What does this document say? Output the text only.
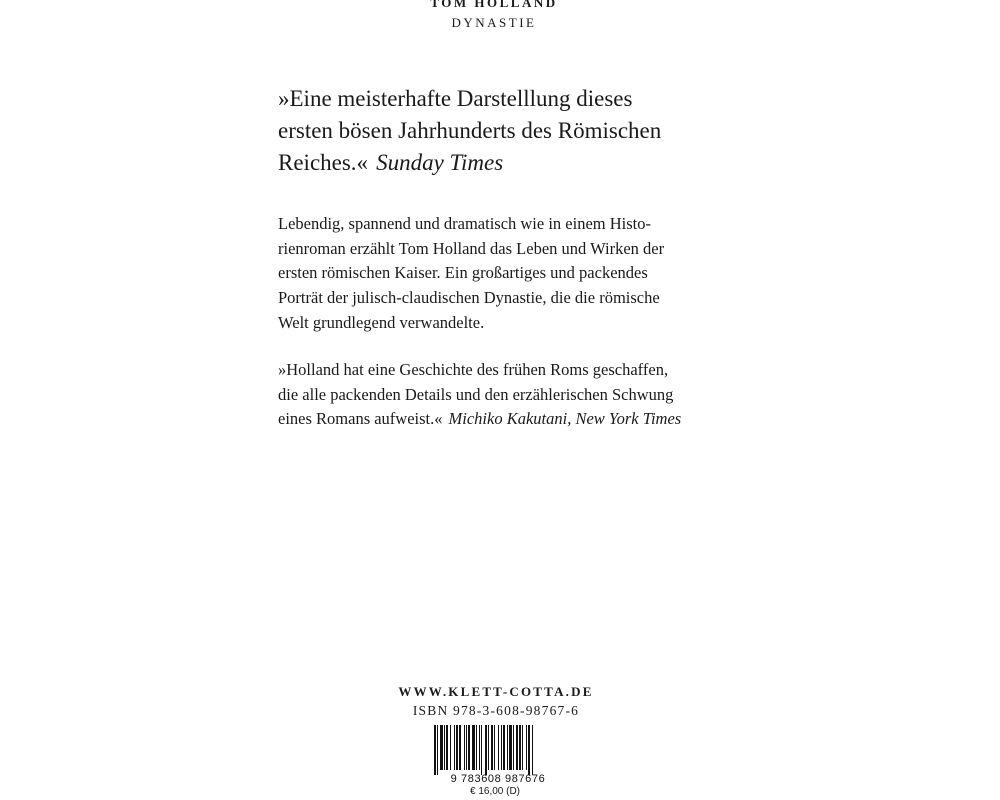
TOM HOLLAND
DYNASTIE
»Eine meisterhafte Darstelllung dieses
ersten bösen Jahrhunderts des Römischen
Reiches.« Sunday Times
Lebendig, spannend und dramatisch wie in einem Histo-
rienroman erzählt Tom Holland das Leben und Wirken der
ersten römischen Kaiser. Ein großartiges und packendes
Porträt der julisch-claudischen Dynastie, die die römische
Welt grundlegend verwandelte.
»Holland hat eine Geschichte des frühen Roms geschaffen,
die alle packenden Details und den erzählerischen Schwung
eines Romans aufweist.« Michiko Kakutani, New York Times
WWW.KLETT-COTTA.DE
ISBN 978-3-608-98767-6
9 783608 987676
€ 16,00 (D)
